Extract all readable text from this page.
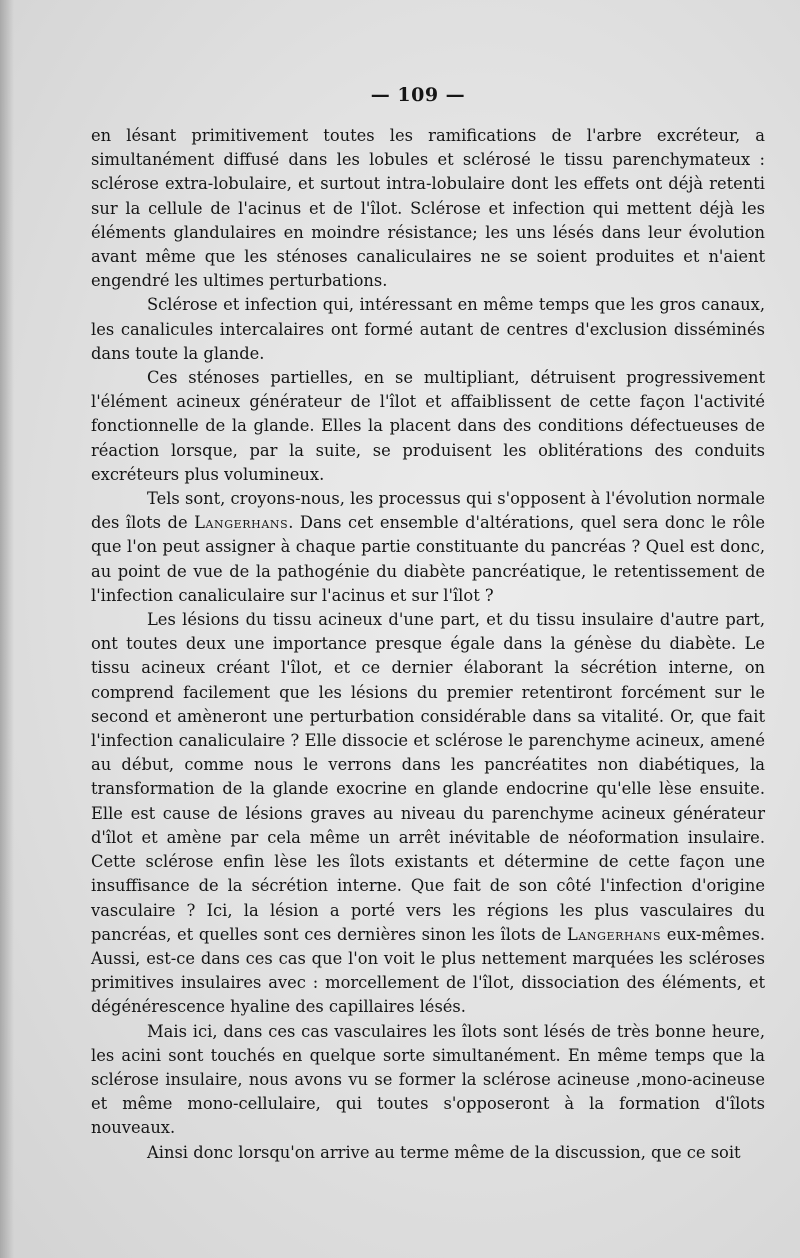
— 109 —

en lésant primitivement toutes les ramifications de l'arbre excréteur, a simultanément diffusé dans les lobules et sclérosé le tissu parenchymateux : sclérose extra-lobulaire, et surtout intra-lobulaire dont les effets ont déjà retenti sur la cellule de l'acinus et de l'îlot. Sclérose et infection qui mettent déjà les éléments glandulaires en moindre résistance; les uns lésés dans leur évolution avant même que les sténoses canaliculaires ne se soient produites et n'aient engendré les ultimes perturbations.

Sclérose et infection qui, intéressant en même temps que les gros canaux, les canalicules intercalaires ont formé autant de centres d'exclusion disséminés dans toute la glande.

Ces sténoses partielles, en se multipliant, détruisent progressivement l'élément acineux générateur de l'îlot et affaiblissent de cette façon l'activité fonctionnelle de la glande. Elles la placent dans des conditions défectueuses de réaction lorsque, par la suite, se produisent les oblitérations des conduits excréteurs plus volumineux.

Tels sont, croyons-nous, les processus qui s'opposent à l'évolution normale des îlots de Langerhans. Dans cet ensemble d'altérations, quel sera donc le rôle que l'on peut assigner à chaque partie constituante du pancréas ? Quel est donc, au point de vue de la pathogénie du diabète pancréatique, le retentissement de l'infection canaliculaire sur l'acinus et sur l'îlot ?

Les lésions du tissu acineux d'une part, et du tissu insulaire d'autre part, ont toutes deux une importance presque égale dans la génèse du diabète. Le tissu acineux créant l'îlot, et ce dernier élaborant la sécrétion interne, on comprend facilement que les lésions du premier retentiront forcément sur le second et amèneront une perturbation considérable dans sa vitalité. Or, que fait l'infection canaliculaire ? Elle dissocie et sclérose le parenchyme acineux, amené au début, comme nous le verrons dans les pancréatites non diabétiques, la transformation de la glande exocrine en glande endocrine qu'elle lèse ensuite. Elle est cause de lésions graves au niveau du parenchyme acineux générateur d'îlot et amène par cela même un arrêt inévitable de néoformation insulaire. Cette sclérose enfin lèse les îlots existants et détermine de cette façon une insuffisance de la sécrétion interne. Que fait de son côté l'infection d'origine vasculaire ? Ici, la lésion a porté vers les régions les plus vasculaires du pancréas, et quelles sont ces dernières sinon les îlots de Langerhans eux-mêmes. Aussi, est-ce dans ces cas que l'on voit le plus nettement marquées les scléroses primitives insulaires avec : morcellement de l'îlot, dissociation des éléments, et dégénérescence hyaline des capillaires lésés.

Mais ici, dans ces cas vasculaires les îlots sont lésés de très bonne heure, les acini sont touchés en quelque sorte simultanément. En même temps que la sclérose insulaire, nous avons vu se former la sclérose acineuse ,mono-acineuse et même mono-cellulaire, qui toutes s'opposeront à la formation d'îlots nouveaux.

Ainsi donc lorsqu'on arrive au terme même de la discussion, que ce soit
